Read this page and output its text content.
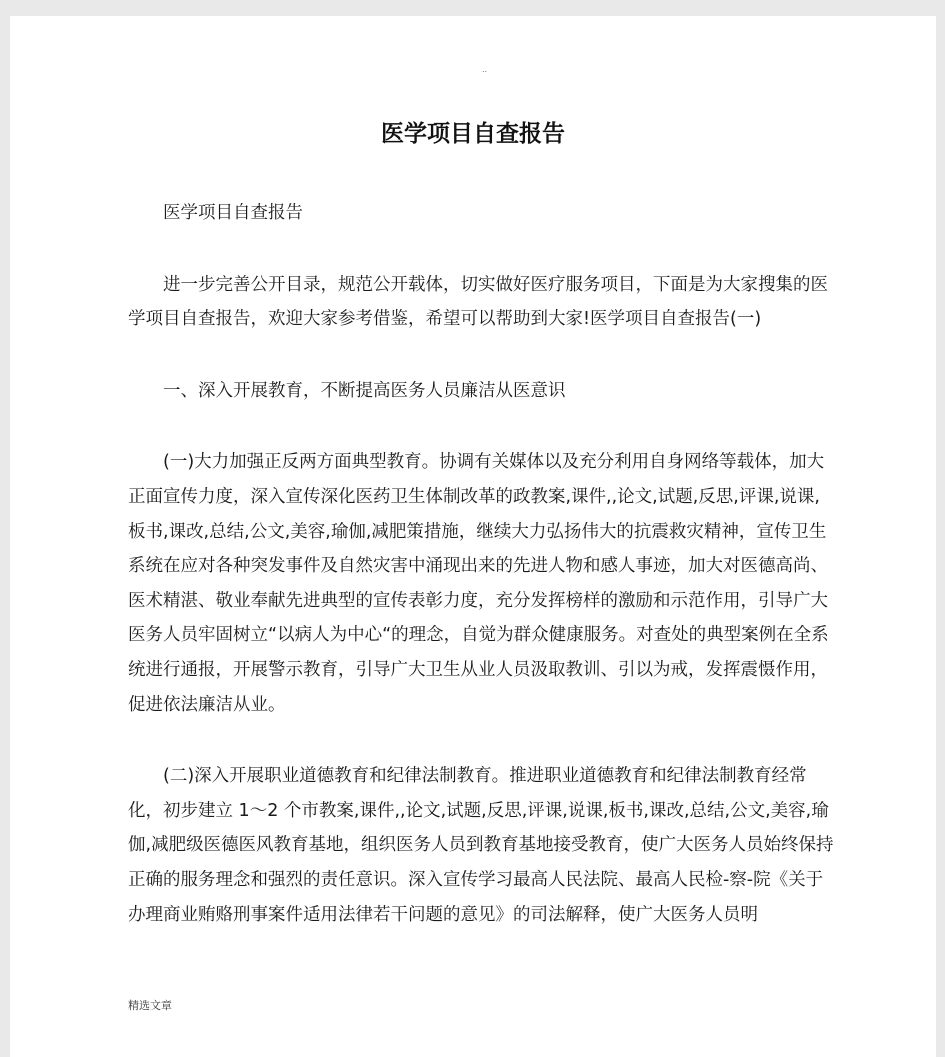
..
医学项目自查报告

医学项目自查报告

进一步完善公开目录，规范公开载体，切实做好医疗服务项目，下面是为大家搜集的医学项目自查报告，欢迎大家参考借鉴，希望可以帮助到大家!医学项目自查报告(一)

一、深入开展教育，不断提高医务人员廉洁从医意识

(一)大力加强正反两方面典型教育。协调有关媒体以及充分利用自身网络等载体，加大正面宣传力度，深入宣传深化医药卫生体制改革的政教案,课件,,论文,试题,反思,评课,说课,板书,课改,总结,公文,美容,瑜伽,减肥策措施，继续大力弘扬伟大的抗震救灾精神，宣传卫生系统在应对各种突发事件及自然灾害中涌现出来的先进人物和感人事迹，加大对医德高尚、医术精湛、敬业奉献先进典型的宣传表彰力度，充分发挥榜样的激励和示范作用，引导广大医务人员牢固树立“以病人为中心“的理念，自觉为群众健康服务。对查处的典型案例在全系统进行通报，开展警示教育，引导广大卫生从业人员汲取教训、引以为戒，发挥震慑作用，促进依法廉洁从业。

(二)深入开展职业道德教育和纪律法制教育。推进职业道德教育和纪律法制教育经常化，初步建立 1～2 个市教案,课件,,论文,试题,反思,评课,说课,板书,课改,总结,公文,美容,瑜伽,减肥级医德医风教育基地，组织医务人员到教育基地接受教育，使广大医务人员始终保持正确的服务理念和强烈的责任意识。深入宣传学习最高人民法院、最高人民检-察-院《关于办理商业贿赂刑事案件适用法律若干问题的意见》的司法解释，使广大医务人员明

精选文章
